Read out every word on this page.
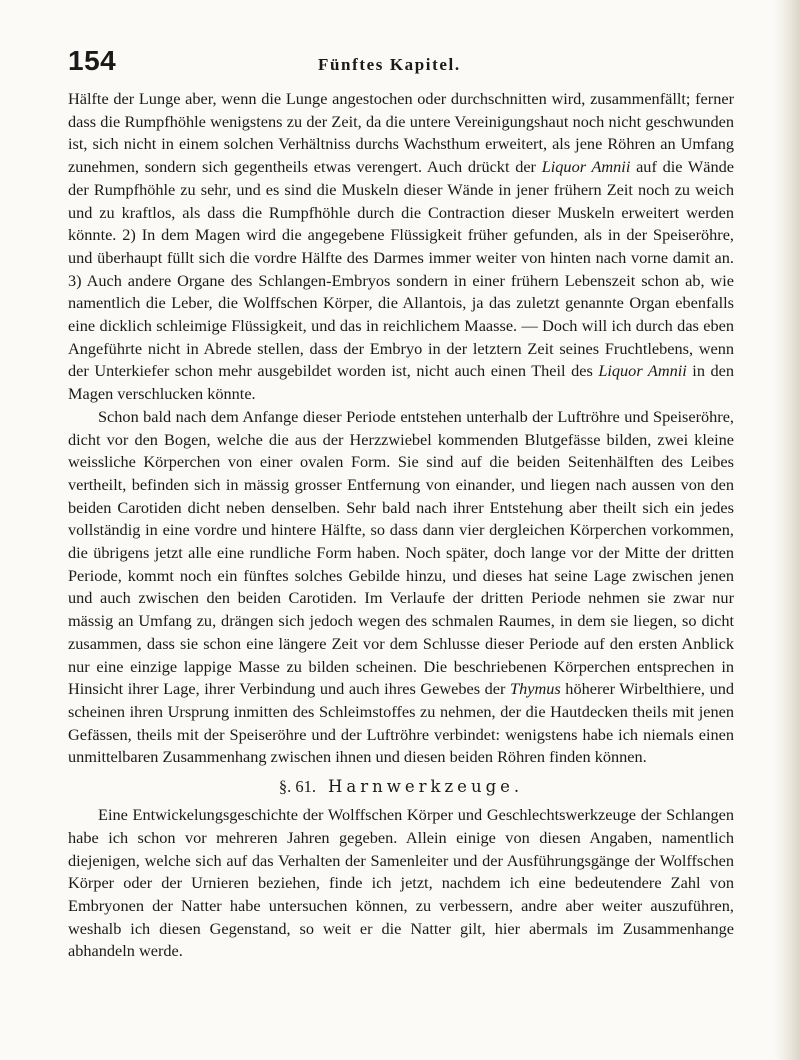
154	Fünftes Kapitel.

Hälfte der Lunge aber, wenn die Lunge angestochen oder durchschnitten wird, zusammenfällt; ferner dass die Rumpfhöhle wenigstens zu der Zeit, da die untere Vereinigungshaut noch nicht geschwunden ist, sich nicht in einem solchen Verhältniss durchs Wachsthum erweitert, als jene Röhren an Umfang zunehmen, sondern sich gegentheils etwas verengert. Auch drückt der Liquor Amnii auf die Wände der Rumpfhöhle zu sehr, und es sind die Muskeln dieser Wände in jener frühern Zeit noch zu weich und zu kraftlos, als dass die Rumpfhöhle durch die Contraction dieser Muskeln erweitert werden könnte. 2) In dem Magen wird die angegebene Flüssigkeit früher gefunden, als in der Speiseröhre, und überhaupt füllt sich die vordre Hälfte des Darmes immer weiter von hinten nach vorne damit an. 3) Auch andere Organe des Schlangen-Embryos sondern in einer frühern Lebenszeit schon ab, wie namentlich die Leber, die Wolffschen Körper, die Allantois, ja das zuletzt genannte Organ ebenfalls eine dicklich schleimige Flüssigkeit, und das in reichlichem Maasse. — Doch will ich durch das eben Angeführte nicht in Abrede stellen, dass der Embryo in der letztern Zeit seines Fruchtlebens, wenn der Unterkiefer schon mehr ausgebildet worden ist, nicht auch einen Theil des Liquor Amnii in den Magen verschlucken könnte.

Schon bald nach dem Anfange dieser Periode entstehen unterhalb der Luftröhre und Speiseröhre, dicht vor den Bogen, welche die aus der Herzzwiebel kommenden Blutgefässe bilden, zwei kleine weissliche Körperchen von einer ovalen Form. Sie sind auf die beiden Seitenhälften des Leibes vertheilt, befinden sich in mässig grosser Entfernung von einander, und liegen nach aussen von den beiden Carotiden dicht neben denselben. Sehr bald nach ihrer Entstehung aber theilt sich ein jedes vollständig in eine vordre und hintere Hälfte, so dass dann vier dergleichen Körperchen vorkommen, die übrigens jetzt alle eine rundliche Form haben. Noch später, doch lange vor der Mitte der dritten Periode, kommt noch ein fünftes solches Gebilde hinzu, und dieses hat seine Lage zwischen jenen und auch zwischen den beiden Carotiden. Im Verlaufe der dritten Periode nehmen sie zwar nur mässig an Umfang zu, drängen sich jedoch wegen des schmalen Raumes, in dem sie liegen, so dicht zusammen, dass sie schon eine längere Zeit vor dem Schlusse dieser Periode auf den ersten Anblick nur eine einzige lappige Masse zu bilden scheinen. Die beschriebenen Körperchen entsprechen in Hinsicht ihrer Lage, ihrer Verbindung und auch ihres Gewebes der Thymus höherer Wirbelthiere, und scheinen ihren Ursprung inmitten des Schleimstoffes zu nehmen, der die Hautdecken theils mit jenen Gefässen, theils mit der Speiseröhre und der Luftröhre verbindet: wenigstens habe ich niemals einen unmittelbaren Zusammenhang zwischen ihnen und diesen beiden Röhren finden können.

§. 61. Harnwerkzeuge.

Eine Entwickelungsgeschichte der Wolffschen Körper und Geschlechtswerkzeuge der Schlangen habe ich schon vor mehreren Jahren gegeben. Allein einige von diesen Angaben, namentlich diejenigen, welche sich auf das Verhalten der Samenleiter und der Ausführungsgänge der Wolffschen Körper oder der Urnieren beziehen, finde ich jetzt, nachdem ich eine bedeutendere Zahl von Embryonen der Natter habe untersuchen können, zu verbessern, andre aber weiter auszuführen, weshalb ich diesen Gegenstand, so weit er die Natter gilt, hier abermals im Zusammenhange abhandeln werde.
